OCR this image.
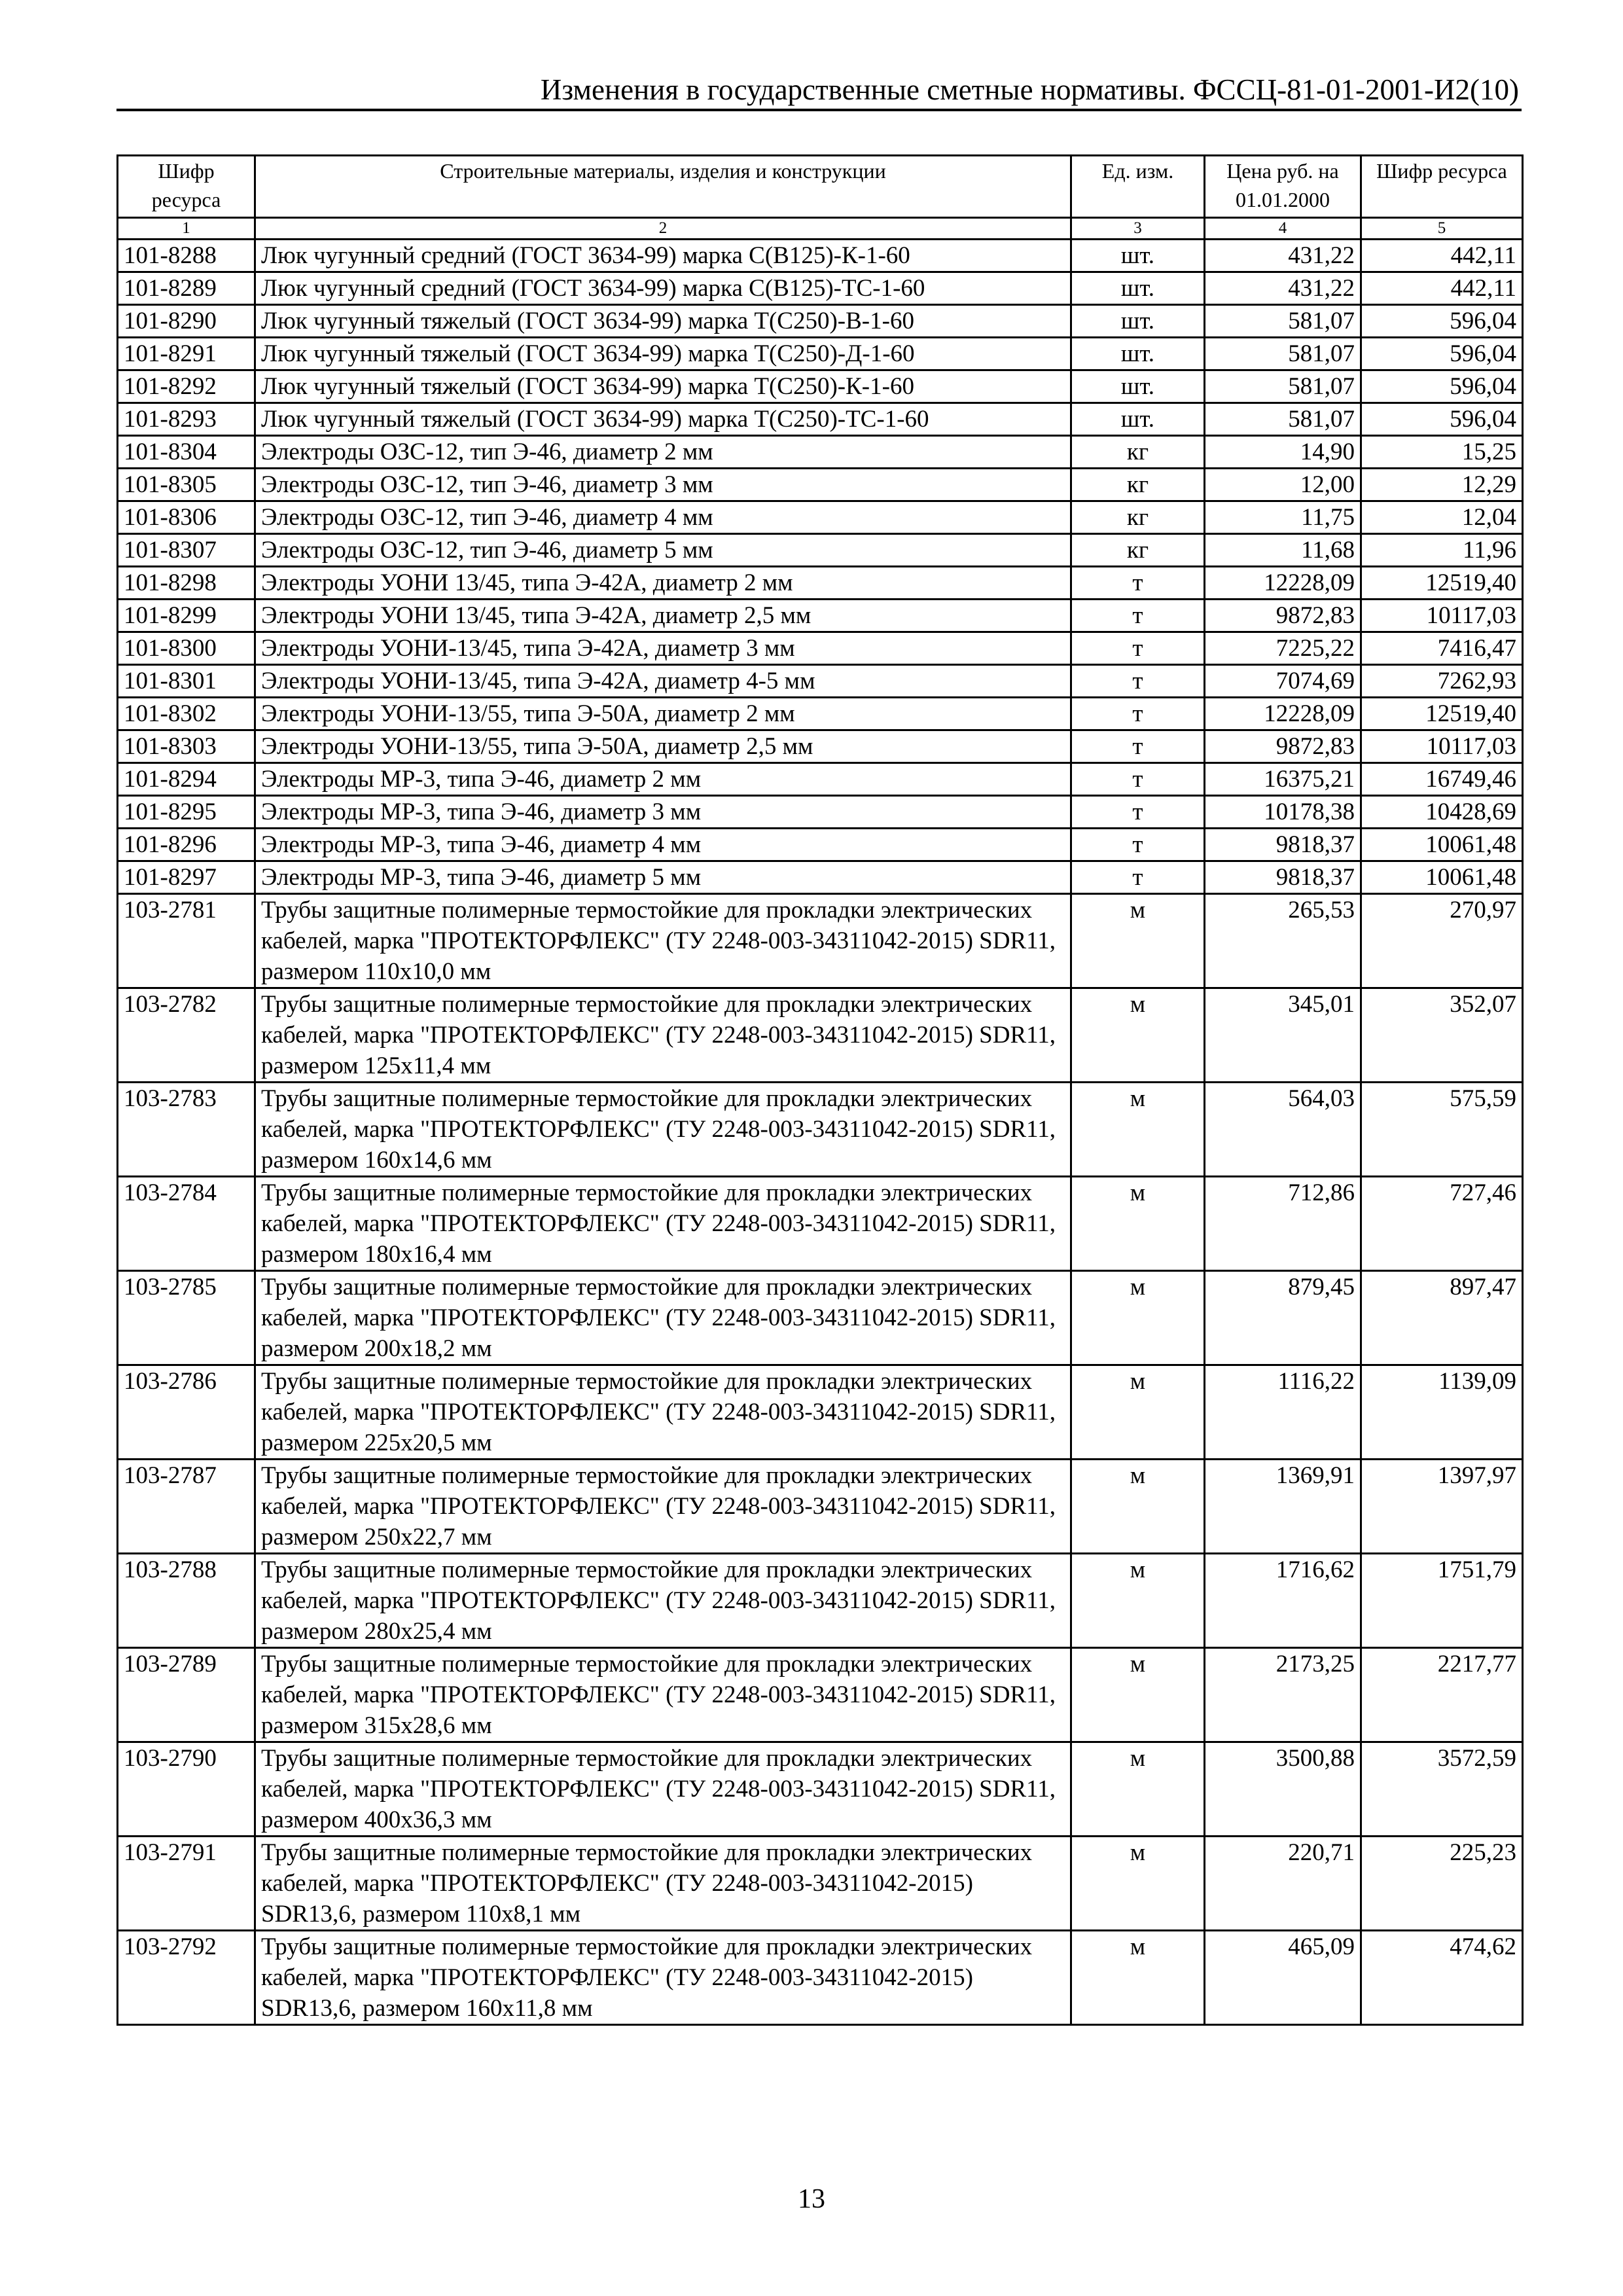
Изменения в государственные сметные нормативы. ФССЦ-81-01-2001-И2(10)
Шифр ресурса	Строительные материалы, изделия и конструкции	Ед. изм.	Цена руб. на 01.01.2000	Шифр ресурса
1	2	3	4	5
101-8288	Люк чугунный средний (ГОСТ 3634-99) марка С(В125)-К-1-60	шт.	431,22	442,11
101-8289	Люк чугунный средний (ГОСТ 3634-99) марка С(В125)-ТС-1-60	шт.	431,22	442,11
101-8290	Люк чугунный тяжелый (ГОСТ 3634-99) марка Т(С250)-В-1-60	шт.	581,07	596,04
101-8291	Люк чугунный тяжелый (ГОСТ 3634-99) марка Т(С250)-Д-1-60	шт.	581,07	596,04
101-8292	Люк чугунный тяжелый (ГОСТ 3634-99) марка Т(С250)-К-1-60	шт.	581,07	596,04
101-8293	Люк чугунный тяжелый (ГОСТ 3634-99) марка Т(С250)-ТС-1-60	шт.	581,07	596,04
101-8304	Электроды ОЗС-12, тип Э-46, диаметр 2 мм	кг	14,90	15,25
101-8305	Электроды ОЗС-12, тип Э-46, диаметр 3 мм	кг	12,00	12,29
101-8306	Электроды ОЗС-12, тип Э-46, диаметр 4 мм	кг	11,75	12,04
101-8307	Электроды ОЗС-12, тип Э-46, диаметр 5 мм	кг	11,68	11,96
101-8298	Электроды УОНИ 13/45, типа Э-42А, диаметр 2 мм	т	12228,09	12519,40
101-8299	Электроды УОНИ 13/45, типа Э-42А, диаметр 2,5 мм	т	9872,83	10117,03
101-8300	Электроды УОНИ-13/45, типа Э-42А, диаметр 3 мм	т	7225,22	7416,47
101-8301	Электроды УОНИ-13/45, типа Э-42А, диаметр 4-5 мм	т	7074,69	7262,93
101-8302	Электроды УОНИ-13/55, типа Э-50А, диаметр 2 мм	т	12228,09	12519,40
101-8303	Электроды УОНИ-13/55, типа Э-50А, диаметр 2,5 мм	т	9872,83	10117,03
101-8294	Электроды МР-3, типа Э-46, диаметр 2 мм	т	16375,21	16749,46
101-8295	Электроды МР-3, типа Э-46, диаметр 3 мм	т	10178,38	10428,69
101-8296	Электроды МР-3, типа Э-46, диаметр 4 мм	т	9818,37	10061,48
101-8297	Электроды МР-3, типа Э-46, диаметр 5 мм	т	9818,37	10061,48
103-2781	Трубы защитные полимерные термостойкие для прокладки электрических кабелей, марка "ПРОТЕКТОРФЛЕКС" (ТУ 2248-003-34311042-2015) SDR11, размером 110x10,0 мм	м	265,53	270,97
103-2782	Трубы защитные полимерные термостойкие для прокладки электрических кабелей, марка "ПРОТЕКТОРФЛЕКС" (ТУ 2248-003-34311042-2015) SDR11, размером 125x11,4 мм	м	345,01	352,07
103-2783	Трубы защитные полимерные термостойкие для прокладки электрических кабелей, марка "ПРОТЕКТОРФЛЕКС" (ТУ 2248-003-34311042-2015) SDR11, размером 160x14,6 мм	м	564,03	575,59
103-2784	Трубы защитные полимерные термостойкие для прокладки электрических кабелей, марка "ПРОТЕКТОРФЛЕКС" (ТУ 2248-003-34311042-2015) SDR11, размером 180x16,4 мм	м	712,86	727,46
103-2785	Трубы защитные полимерные термостойкие для прокладки электрических кабелей, марка "ПРОТЕКТОРФЛЕКС" (ТУ 2248-003-34311042-2015) SDR11, размером 200x18,2 мм	м	879,45	897,47
103-2786	Трубы защитные полимерные термостойкие для прокладки электрических кабелей, марка "ПРОТЕКТОРФЛЕКС" (ТУ 2248-003-34311042-2015) SDR11, размером 225x20,5 мм	м	1116,22	1139,09
103-2787	Трубы защитные полимерные термостойкие для прокладки электрических кабелей, марка "ПРОТЕКТОРФЛЕКС" (ТУ 2248-003-34311042-2015) SDR11, размером 250x22,7 мм	м	1369,91	1397,97
103-2788	Трубы защитные полимерные термостойкие для прокладки электрических кабелей, марка "ПРОТЕКТОРФЛЕКС" (ТУ 2248-003-34311042-2015) SDR11, размером 280x25,4 мм	м	1716,62	1751,79
103-2789	Трубы защитные полимерные термостойкие для прокладки электрических кабелей, марка "ПРОТЕКТОРФЛЕКС" (ТУ 2248-003-34311042-2015) SDR11, размером 315x28,6 мм	м	2173,25	2217,77
103-2790	Трубы защитные полимерные термостойкие для прокладки электрических кабелей, марка "ПРОТЕКТОРФЛЕКС" (ТУ 2248-003-34311042-2015) SDR11, размером 400x36,3 мм	м	3500,88	3572,59
103-2791	Трубы защитные полимерные термостойкие для прокладки электрических кабелей, марка "ПРОТЕКТОРФЛЕКС" (ТУ 2248-003-34311042-2015) SDR13,6, размером 110x8,1 мм	м	220,71	225,23
103-2792	Трубы защитные полимерные термостойкие для прокладки электрических кабелей, марка "ПРОТЕКТОРФЛЕКС" (ТУ 2248-003-34311042-2015) SDR13,6, размером 160x11,8 мм	м	465,09	474,62
13
